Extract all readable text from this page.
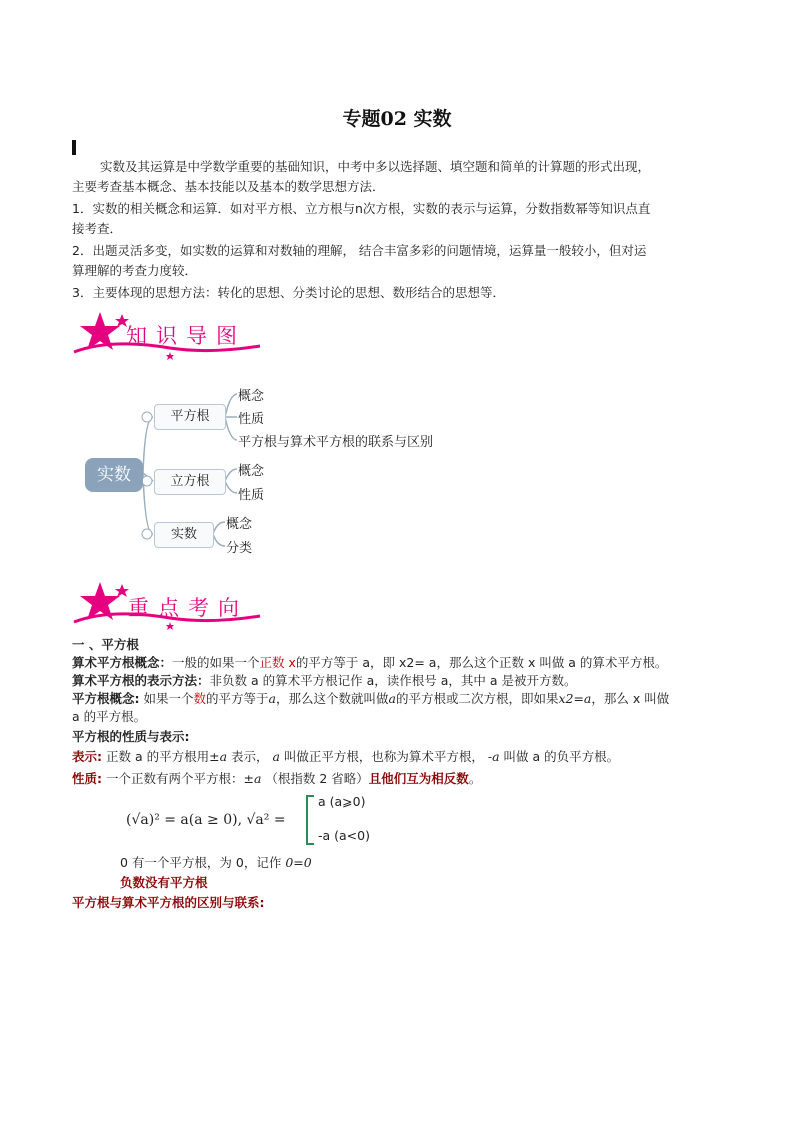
专题02 实数
实数及其运算是中学数学重要的基础知识，中考中多以选择题、填空题和简单的计算题的形式出现，
主要考查基本概念、基本技能以及基本的数学思想方法．
1．实数的相关概念和运算．如对平方根、立方根与n次方根，实数的表示与运算，分数指数幂等知识点直
接考查．
2．出题灵活多变，如实数的运算和对数轴的理解， 结合丰富多彩的问题情境，运算量一般较小，但对运
算理解的考查力度较．
3．主要体现的思想方法：转化的思想、分类讨论的思想、数形结合的思想等．
知识导图
实数
平方根
概念
性质
平方根与算术平方根的联系与区别
立方根
概念
性质
实数
概念
分类
重点考向
一 、平方根
算术平方根概念：一般的如果一个正数 x的平方等于 a，即 x2= a，那么这个正数 x 叫做 a 的算术平方根。
算术平方根的表示方法：非负数 a 的算术平方根记作 a，读作根号 a，其中 a 是被开方数。
平方根概念: 如果一个数的平方等于a，那么这个数就叫做a的平方根或二次方根，即如果x2=a，那么 x 叫做
a 的平方根。
平方根的性质与表示:
表示: 正数 a 的平方根用±a 表示， a 叫做正平方根，也称为算术平方根， -a 叫做 a 的负平方根。
性质: 一个正数有两个平方根：±a （根指数 2 省略）且他们互为相反数。
(√a)² = a(a ≥ 0), √a² =
a (a⩾0)
-a (a<0)
0 有一个平方根，为 0，记作 0=0
负数没有平方根
平方根与算术平方根的区别与联系:
